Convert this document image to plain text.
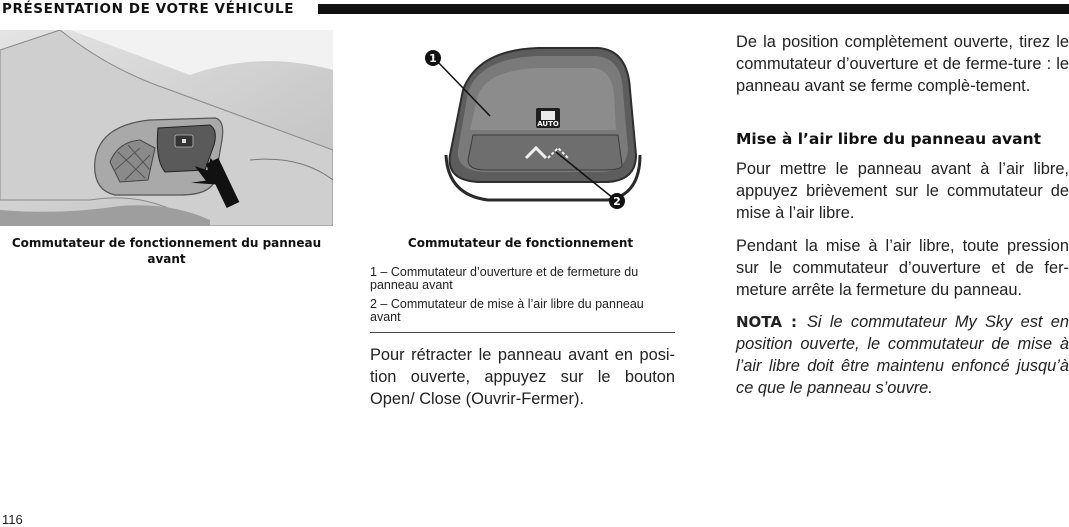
PRÉSENTATION DE VOTRE VÉHICULE
AUTO
1
2
Commutateur de fonctionnement du panneau avant
Commutateur de fonctionnement
1 – Commutateur d’ouverture et de fermeture du panneau avant
2 – Commutateur de mise à l’air libre du panneau avant
Pour rétracter le panneau avant en posi-tion ouverte, appuyez sur le bouton Open/ Close (Ouvrir-Fermer).
De la position complètement ouverte, tirez le commutateur d’ouverture et de ferme-ture : le panneau avant se ferme complè-tement.
Mise à l’air libre du panneau avant
Pour mettre le panneau avant à l’air libre, appuyez brièvement sur le commutateur de mise à l’air libre.
Pendant la mise à l’air libre, toute pression sur le commutateur d’ouverture et de fer-meture arrête la fermeture du panneau.
NOTA : Si le commutateur My Sky est en position ouverte, le commutateur de mise à l’air libre doit être maintenu enfoncé jusqu’à ce que le panneau s’ouvre.
116
